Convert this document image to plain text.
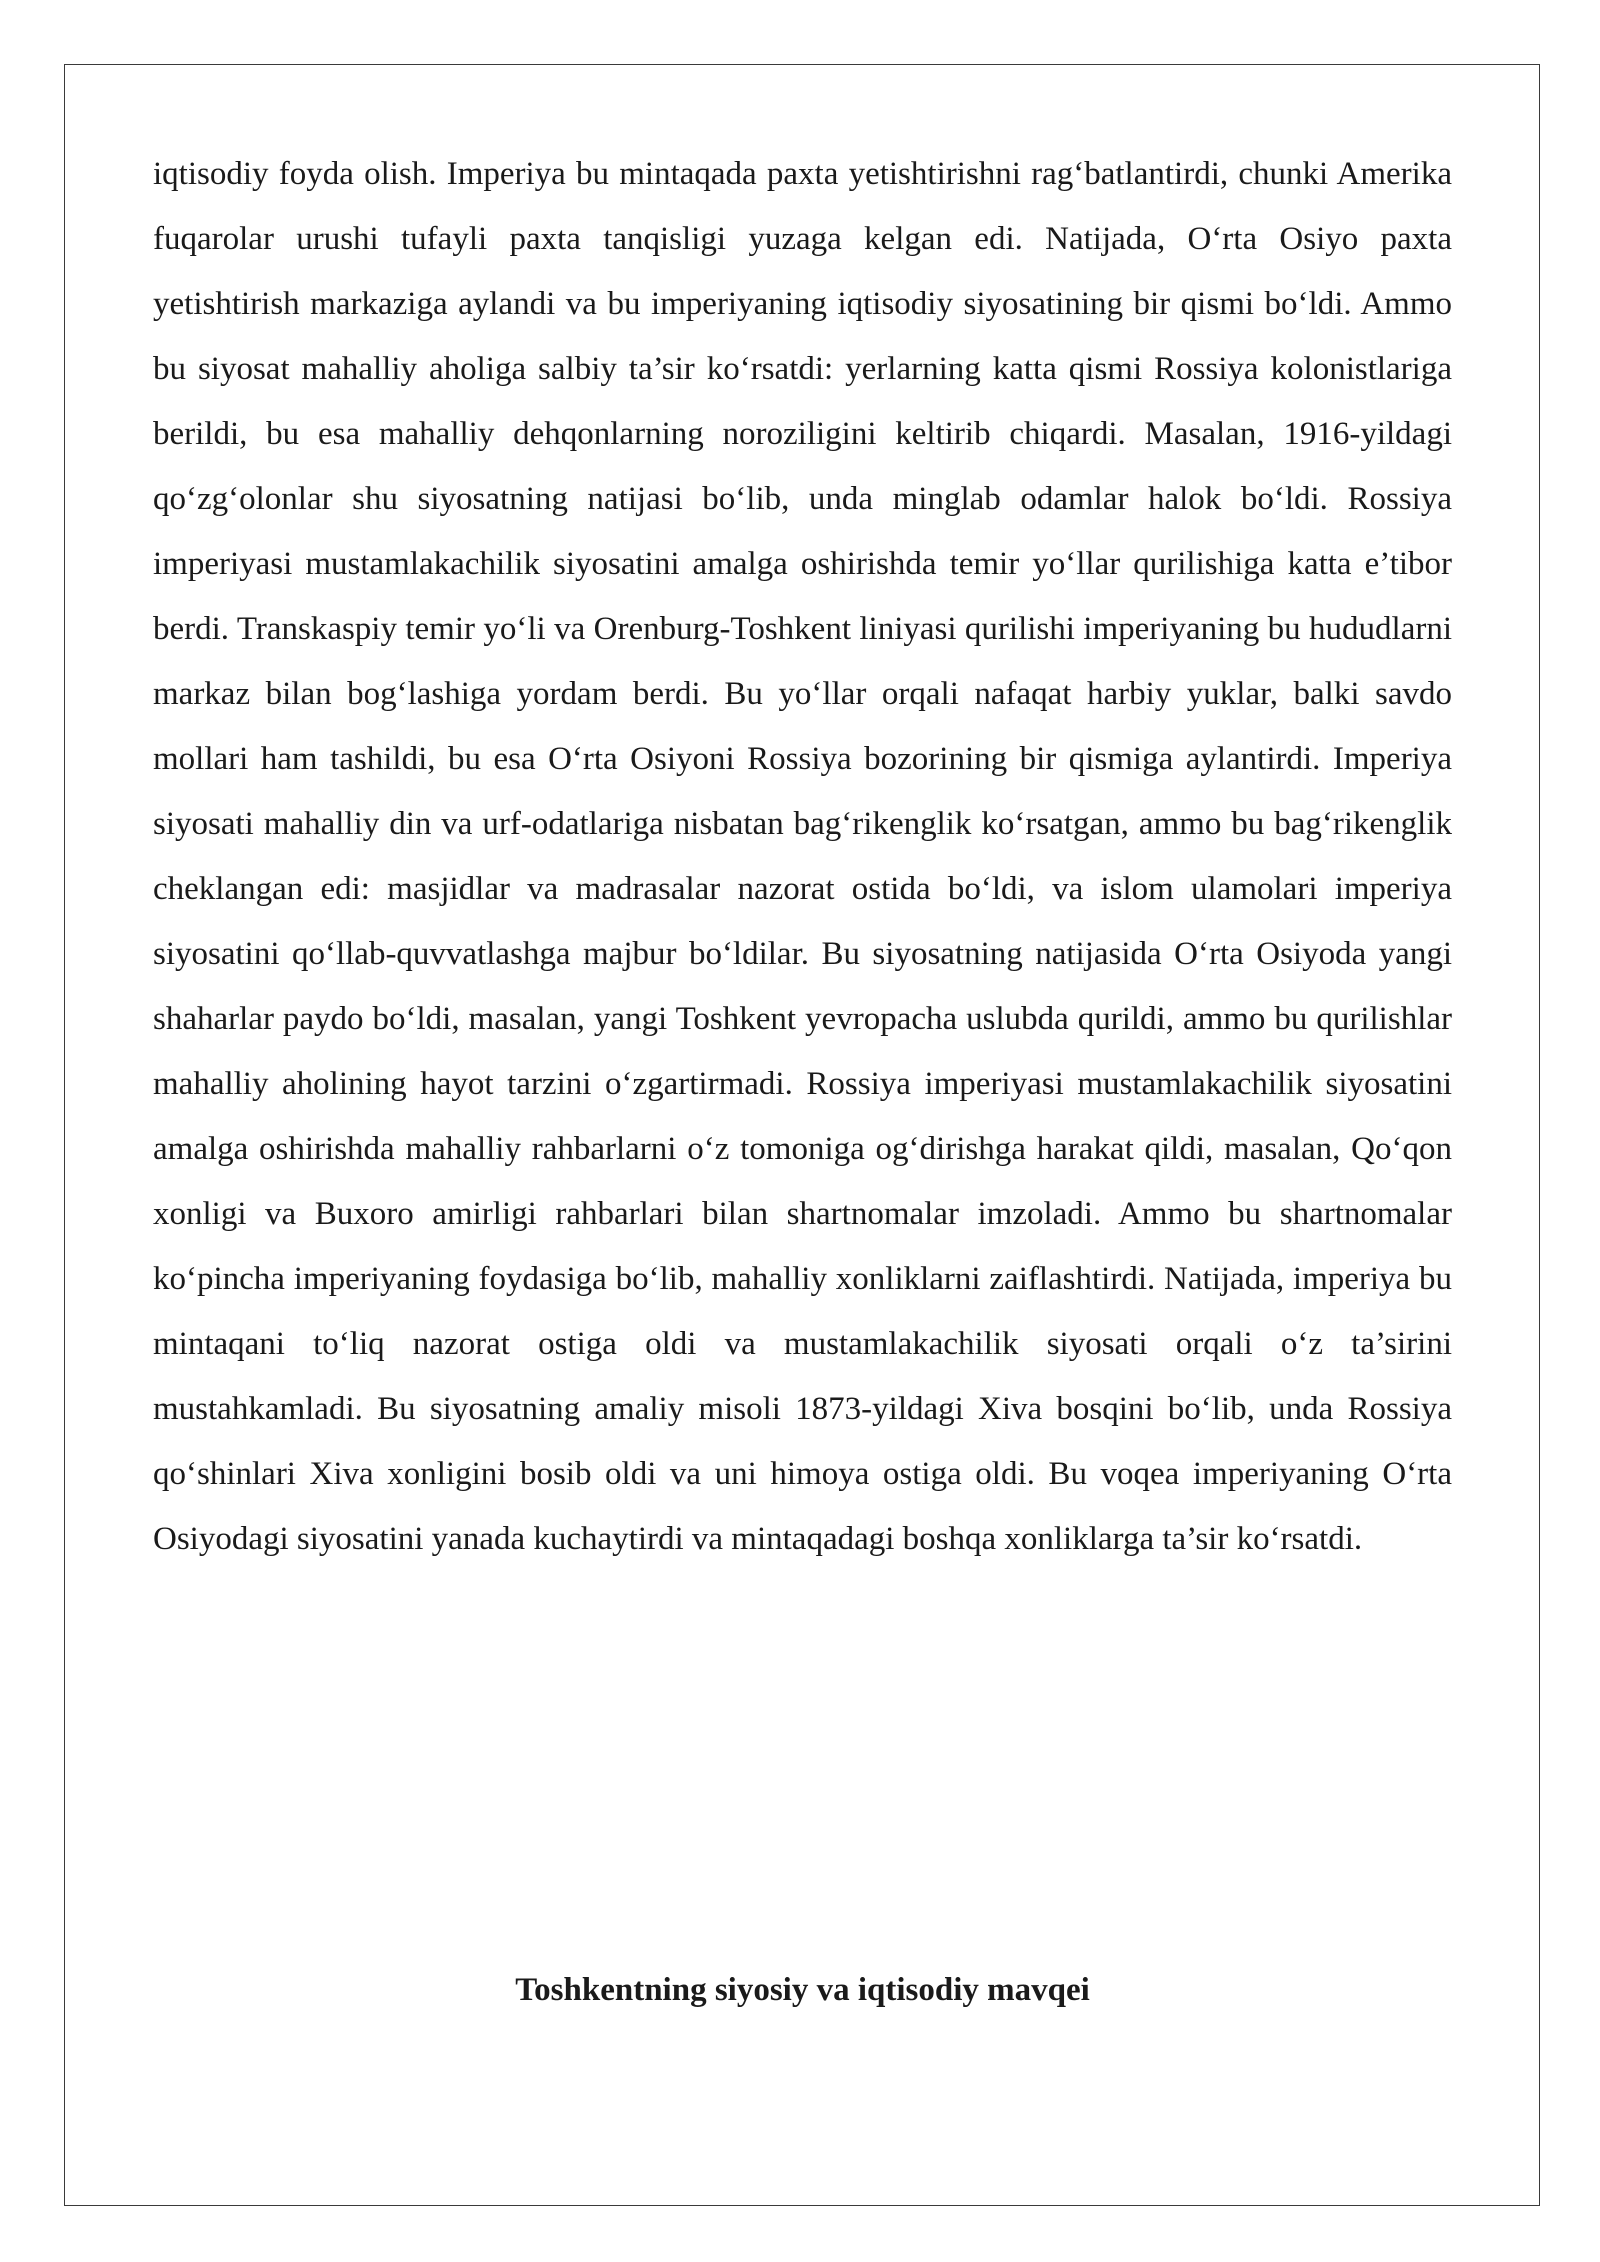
iqtisodiy foyda olish. Imperiya bu mintaqada paxta yetishtirishni rag‘batlantirdi, chunki Amerika fuqarolar urushi tufayli paxta tanqisligi yuzaga kelgan edi. Natijada, O‘rta Osiyo paxta yetishtirish markaziga aylandi va bu imperiyaning iqtisodiy siyosatining bir qismi bo‘ldi. Ammo bu siyosat mahalliy aholiga salbiy ta’sir ko‘rsatdi: yerlarning katta qismi Rossiya kolonistlariga berildi, bu esa mahalliy dehqonlarning noroziligini keltirib chiqardi. Masalan, 1916-yildagi qo‘zg‘olonlar shu siyosatning natijasi bo‘lib, unda minglab odamlar halok bo‘ldi. Rossiya imperiyasi mustamlakachilik siyosatini amalga oshirishda temir yo‘llar qurilishiga katta e’tibor berdi. Transkaspiy temir yo‘li va Orenburg-Toshkent liniyasi qurilishi imperiyaning bu hududlarni markaz bilan bog‘lashiga yordam berdi. Bu yo‘llar orqali nafaqat harbiy yuklar, balki savdo mollari ham tashildi, bu esa O‘rta Osiyoni Rossiya bozorining bir qismiga aylantirdi. Imperiya siyosati mahalliy din va urf-odatlariga nisbatan bag‘rikenglik ko‘rsatgan, ammo bu bag‘rikenglik cheklangan edi: masjidlar va madrasalar nazorat ostida bo‘ldi, va islom ulamolari imperiya siyosatini qo‘llab-quvvatlashga majbur bo‘ldilar. Bu siyosatning natijasida O‘rta Osiyoda yangi shaharlar paydo bo‘ldi, masalan, yangi Toshkent yevropacha uslubda qurildi, ammo bu qurilishlar mahalliy aholining hayot tarzini o‘zgartirmadi. Rossiya imperiyasi mustamlakachilik siyosatini amalga oshirishda mahalliy rahbarlarni o‘z tomoniga og‘dirishga harakat qildi, masalan, Qo‘qon xonligi va Buxoro amirligi rahbarlari bilan shartnomalar imzoladi. Ammo bu shartnomalar ko‘pincha imperiyaning foydasiga bo‘lib, mahalliy xonliklarni zaiflashtirdi. Natijada, imperiya bu mintaqani to‘liq nazorat ostiga oldi va mustamlakachilik siyosati orqali o‘z ta’sirini mustahkamladi. Bu siyosatning amaliy misoli 1873-yildagi Xiva bosqini bo‘lib, unda Rossiya qo‘shinlari Xiva xonligini bosib oldi va uni himoya ostiga oldi. Bu voqea imperiyaning O‘rta Osiyodagi siyosatini yanada kuchaytirdi va mintaqadagi boshqa xonliklarga ta’sir ko‘rsatdi.

Toshkentning siyosiy va iqtisodiy mavqei
